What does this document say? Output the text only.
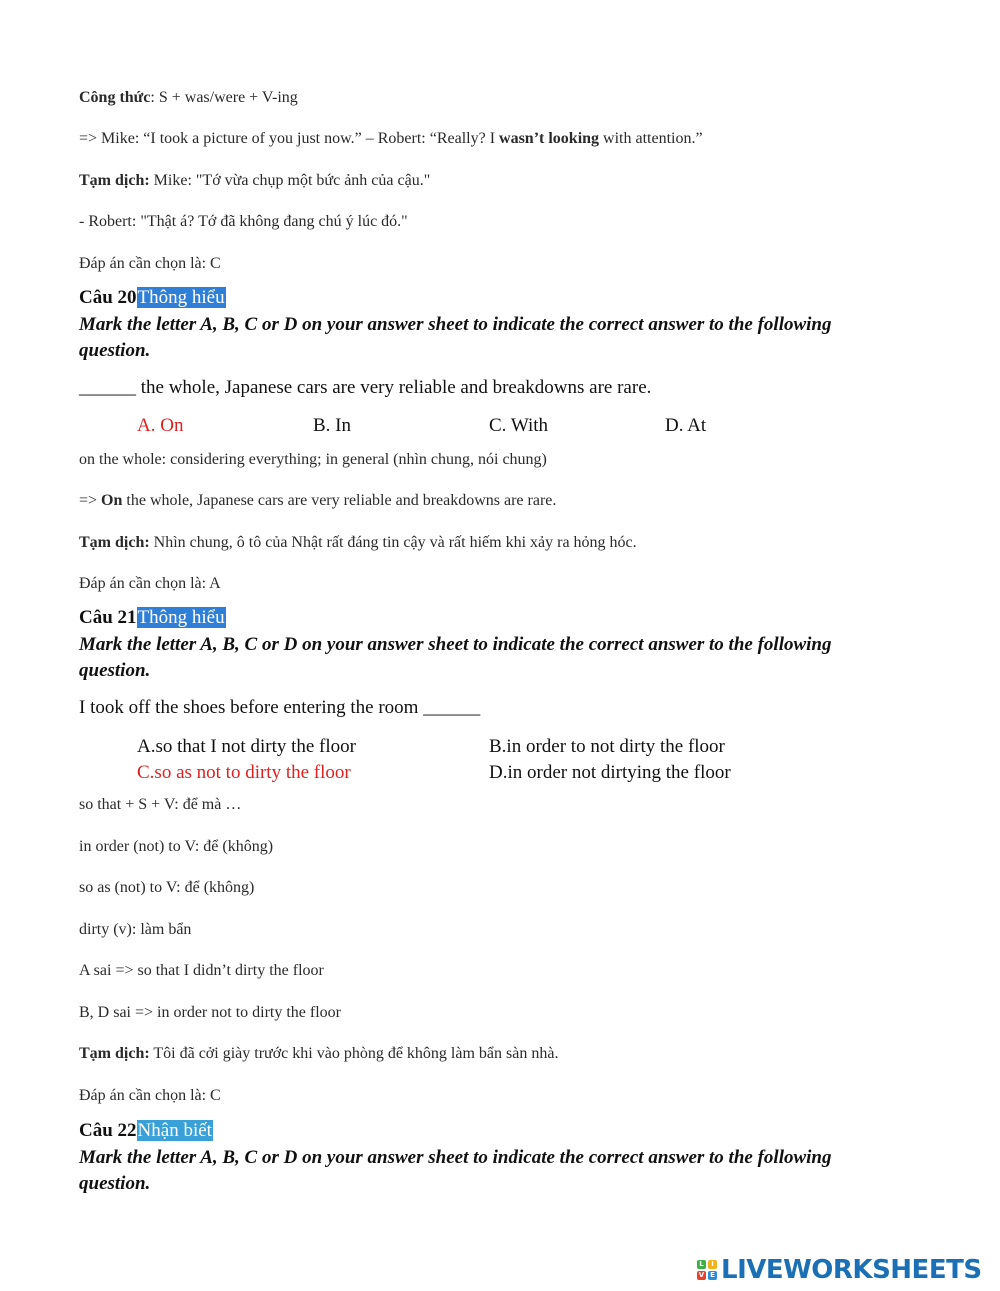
Công thức: S + was/were + V-ing
=> Mike: “I took a picture of you just now.” – Robert: “Really? I wasn’t looking with attention.”
Tạm dịch: Mike: "Tớ vừa chụp một bức ảnh của cậu."
- Robert: "Thật á? Tớ đã không đang chú ý lúc đó."
Đáp án cần chọn là: C
Câu 20Thông hiểu
Mark the letter A, B, C or D on your answer sheet to indicate the correct answer to the following question.
______ the whole, Japanese cars are very reliable and breakdowns are rare.
A. On	B. In	C. With	D. At
on the whole: considering everything; in general (nhìn chung, nói chung)
=> On the whole, Japanese cars are very reliable and breakdowns are rare.
Tạm dịch: Nhìn chung, ô tô của Nhật rất đáng tin cậy và rất hiếm khi xảy ra hỏng hóc.
Đáp án cần chọn là: A
Câu 21Thông hiểu
Mark the letter A, B, C or D on your answer sheet to indicate the correct answer to the following question.
I took off the shoes before entering the room ______
A.so that I not dirty the floor	B.in order to not dirty the floor
C.so as not to dirty the floor	D.in order not dirtying the floor
so that + S + V: để mà …
in order (not) to V: để (không)
so as (not) to V: để (không)
dirty (v): làm bẩn
A sai => so that I didn’t dirty the floor
B, D sai => in order not to dirty the floor
Tạm dịch: Tôi đã cởi giày trước khi vào phòng để không làm bẩn sàn nhà.
Đáp án cần chọn là: C
Câu 22Nhận biết
Mark the letter A, B, C or D on your answer sheet to indicate the correct answer to the following question.
L	I
V E LIVEWORKSHEETS
